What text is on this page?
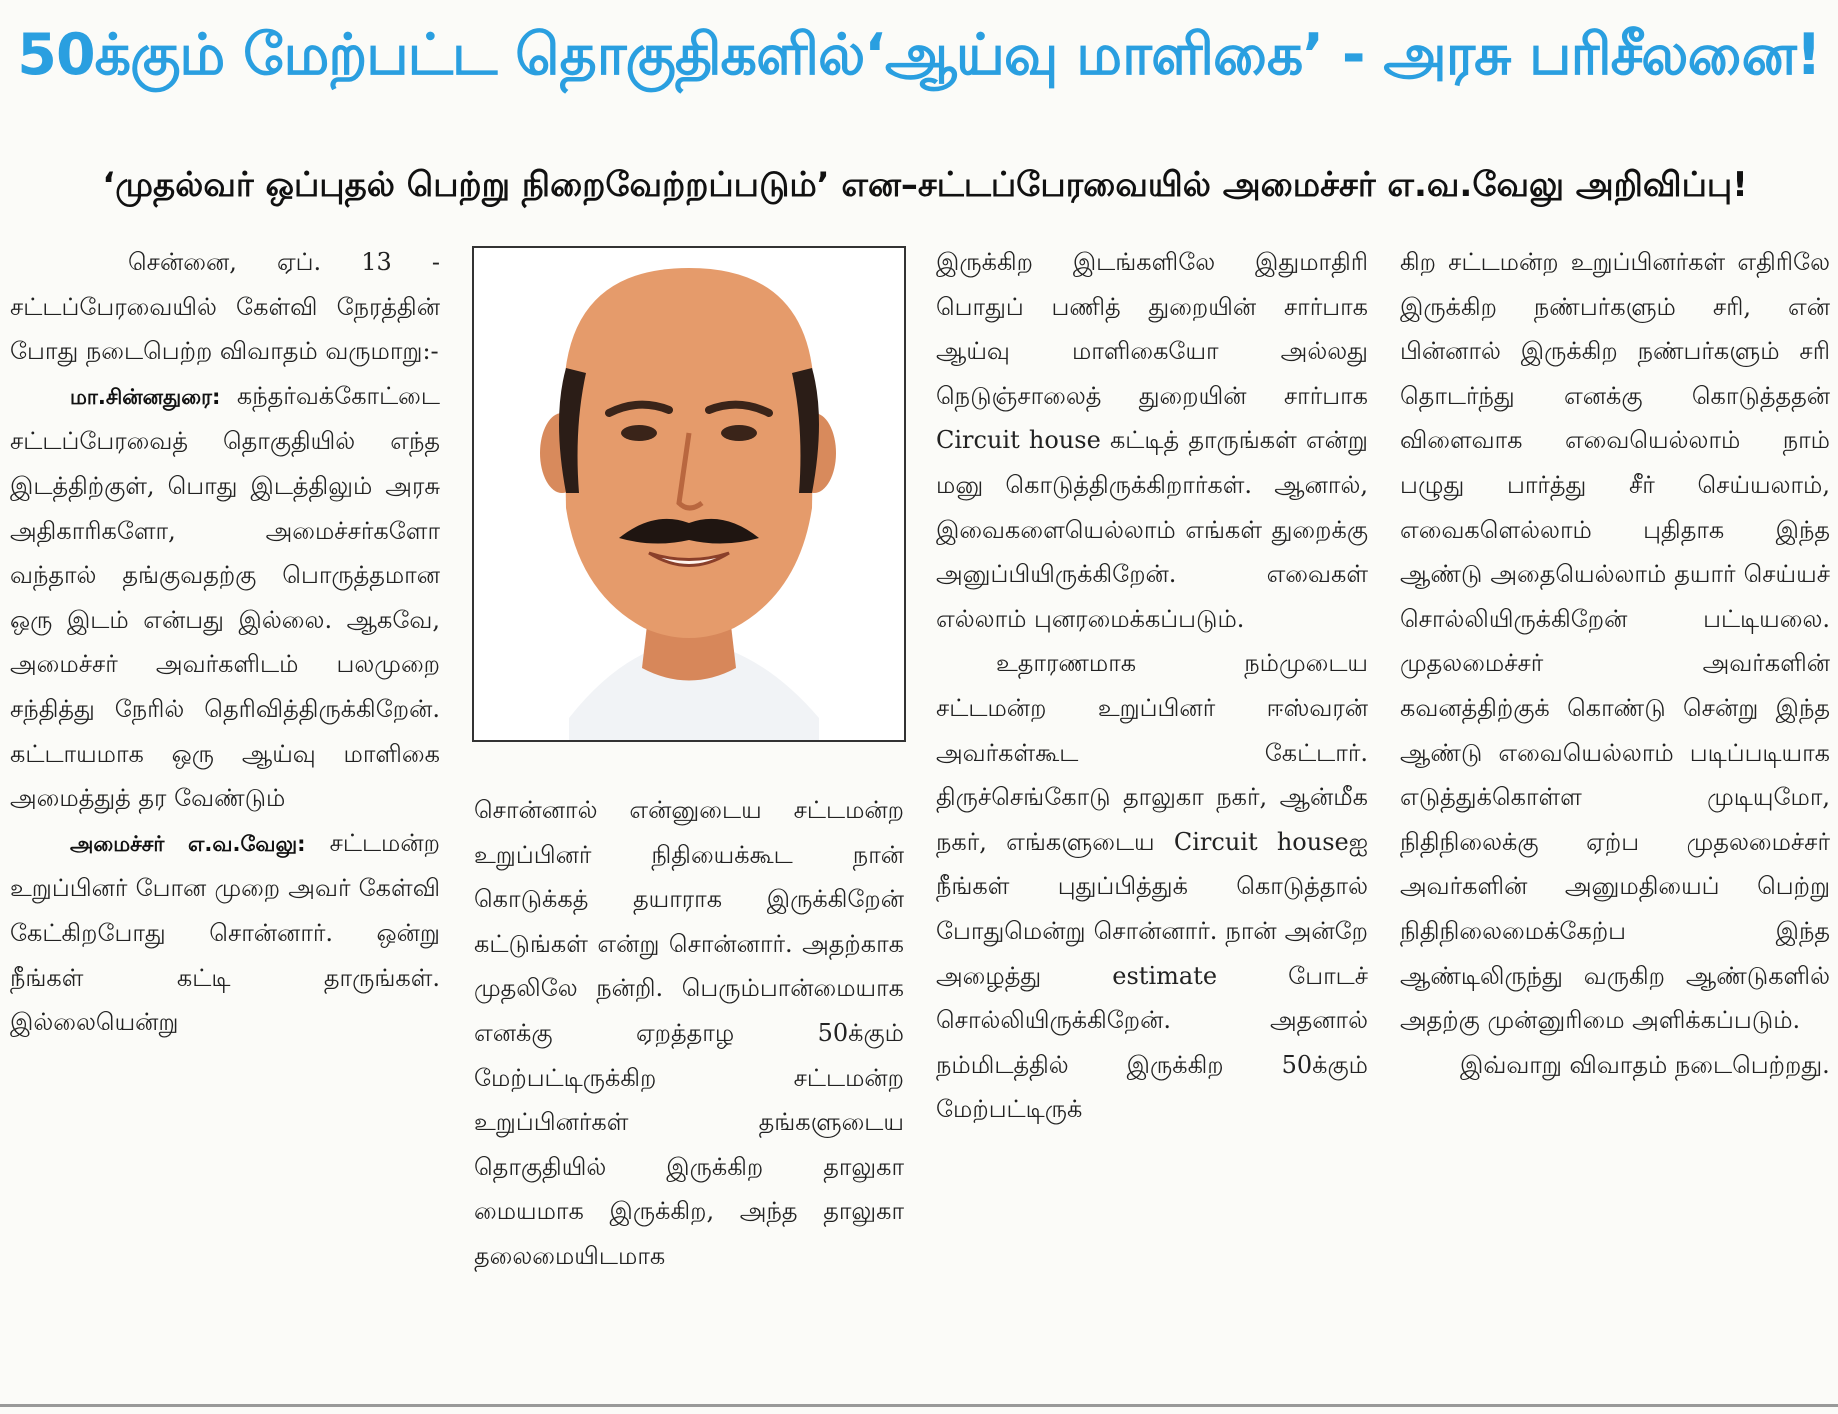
50க்கும் மேற்பட்ட தொகுதிகளில்‘ஆய்வு மாளிகை’ - அரசு பரிசீலனை!
‘முதல்வர் ஒப்புதல் பெற்று நிறைவேற்றப்படும்’ என–சட்டப்பேரவையில் அமைச்சர் எ.வ.வேலு அறிவிப்பு!

சென்னை, ஏப். 13 - சட்டப்பேரவையில் கேள்வி நேரத்தின் போது நடைபெற்ற விவாதம் வருமாறு:-

மா.சின்னதுரை: கந்தர்வக்கோட்டை சட்டப்பேரவைத் தொகுதியில் எந்த இடத்திற்குள், பொது இடத்திலும் அரசு அதிகாரிகளோ, அமைச்சர்களோ வந்தால் தங்குவதற்கு பொருத்தமான ஒரு இடம் என்பது இல்லை. ஆகவே, அமைச்சர் அவர்களிடம் பலமுறை சந்தித்து நேரில் தெரிவித்திருக்கிறேன். கட்டாயமாக ஒரு ஆய்வு மாளிகை அமைத்துத் தர வேண்டும்

அமைச்சர் எ.வ.வேலு: சட்டமன்ற உறுப்பினர் போன முறை அவர் கேள்வி கேட்கிறபோது சொன்னார். ஒன்று நீங்கள் கட்டி தாருங்கள். இல்லையென்று

சொன்னால் என்னுடைய சட்டமன்ற உறுப்பினர் நிதியைக்கூட நான் கொடுக்கத் தயாராக இருக்கிறேன் கட்டுங்கள் என்று சொன்னார். அதற்காக முதலிலே நன்றி. பெரும்பான்மையாக எனக்கு ஏறத்தாழ 50க்கும் மேற்பட்டிருக்கிற சட்டமன்ற உறுப்பினர்கள் தங்களுடைய தொகுதியில் இருக்கிற தாலுகா மையமாக இருக்கிற, அந்த தாலுகா தலைமையிடமாக

இருக்கிற இடங்களிலே இதுமாதிரி பொதுப் பணித் துறையின் சார்பாக ஆய்வு மாளிகையோ அல்லது நெடுஞ்சாலைத் துறையின் சார்பாக Circuit house கட்டித் தாருங்கள் என்று மனு கொடுத்திருக்கிறார்கள். ஆனால், இவைகளையெல்லாம் எங்கள் துறைக்கு அனுப்பியிருக்கிறேன். எவைகள் எல்லாம் புனரமைக்கப்படும்.

உதாரணமாக நம்முடைய சட்டமன்ற உறுப்பினர் ஈஸ்வரன் அவர்கள்கூட கேட்டார். திருச்செங்கோடு தாலுகா நகர், ஆன்மீக நகர், எங்களுடைய Circuit houseஐ நீங்கள் புதுப்பித்துக் கொடுத்தால் போதுமென்று சொன்னார். நான் அன்றே அழைத்து estimate போடச் சொல்லியிருக்கிறேன். அதனால் நம்மிடத்தில் இருக்கிற 50க்கும் மேற்பட்டிருக்

கிற சட்டமன்ற உறுப்பினர்கள் எதிரிலே இருக்கிற நண்பர்களும் சரி, என் பின்னால் இருக்கிற நண்பர்களும் சரி தொடர்ந்து எனக்கு கொடுத்ததன் விளைவாக எவையெல்லாம் நாம் பழுது பார்த்து சீர் செய்யலாம், எவைகளெல்லாம் புதிதாக இந்த ஆண்டு அதையெல்லாம் தயார் செய்யச் சொல்லியிருக்கிறேன் பட்டியலை. முதலமைச்சர் அவர்களின் கவனத்திற்குக் கொண்டு சென்று இந்த ஆண்டு எவையெல்லாம் படிப்படியாக எடுத்துக்கொள்ள முடியுமோ, நிதிநிலைக்கு ஏற்ப முதலமைச்சர் அவர்களின் அனுமதியைப் பெற்று நிதிநிலைமைக்கேற்ப இந்த ஆண்டிலிருந்து வருகிற ஆண்டுகளில் அதற்கு முன்னுரிமை அளிக்கப்படும்.

இவ்வாறு விவாதம் நடைபெற்றது.
